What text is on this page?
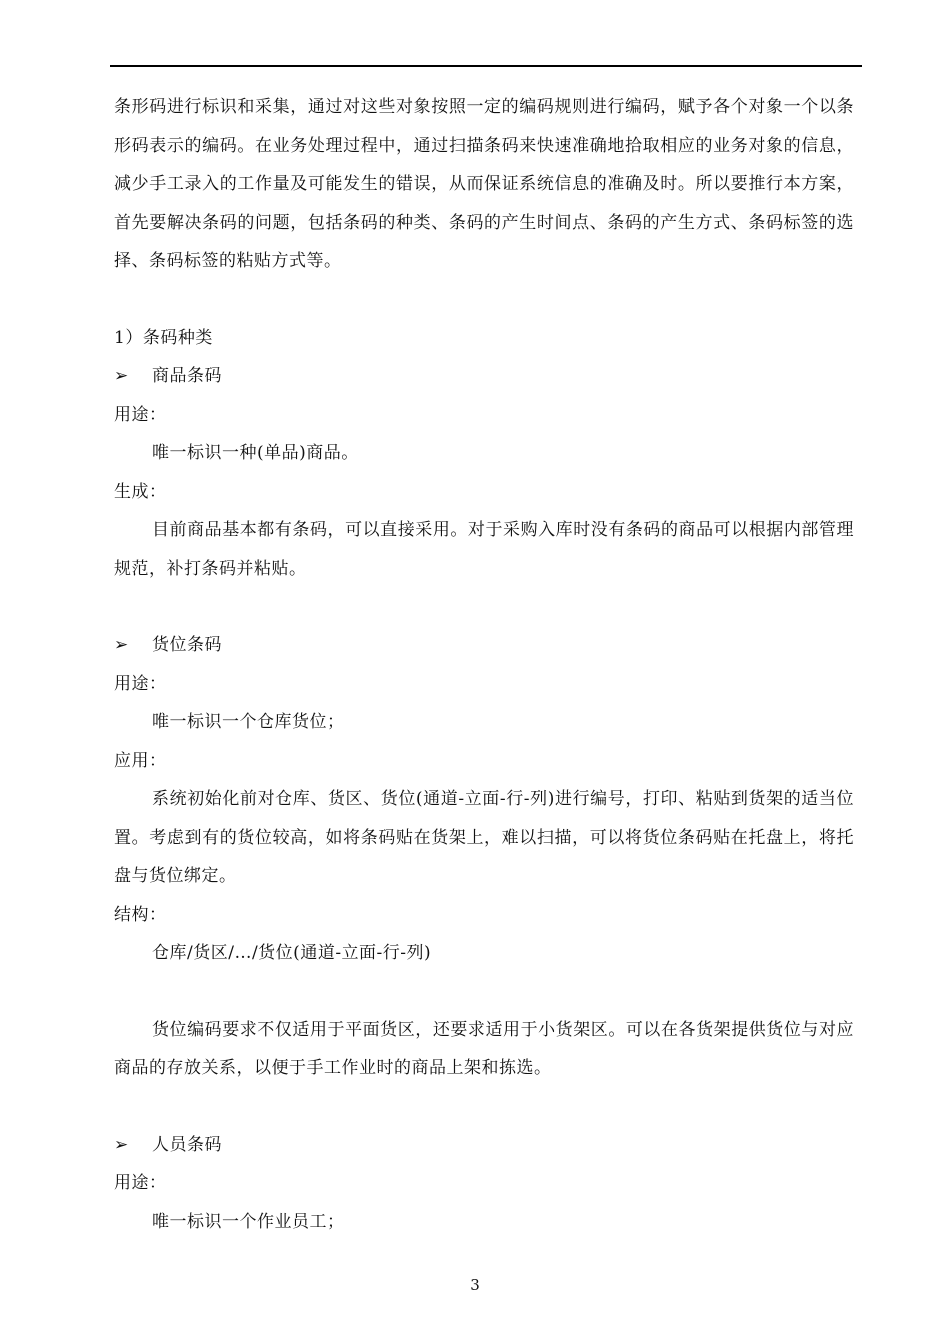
条形码进行标识和采集，通过对这些对象按照一定的编码规则进行编码，赋予各个对象一个以条形码表示的编码。在业务处理过程中，通过扫描条码来快速准确地拾取相应的业务对象的信息，减少手工录入的工作量及可能发生的错误，从而保证系统信息的准确及时。所以要推行本方案，首先要解决条码的问题，包括条码的种类、条码的产生时间点、条码的产生方式、条码标签的选择、条码标签的粘贴方式等。

1）条码种类

➢ 商品条码

用途：

唯一标识一种(单品)商品。

生成：

目前商品基本都有条码，可以直接采用。对于采购入库时没有条码的商品可以根据内部管理规范，补打条码并粘贴。

➢ 货位条码

用途：

唯一标识一个仓库货位；

应用：

系统初始化前对仓库、货区、货位(通道-立面-行-列)进行编号，打印、粘贴到货架的适当位置。考虑到有的货位较高，如将条码贴在货架上，难以扫描，可以将货位条码贴在托盘上，将托盘与货位绑定。

结构：

仓库/货区/…/货位(通道-立面-行-列)

货位编码要求不仅适用于平面货区，还要求适用于小货架区。可以在各货架提供货位与对应商品的存放关系，以便于手工作业时的商品上架和拣选。

➢ 人员条码

用途：

唯一标识一个作业员工；

3
